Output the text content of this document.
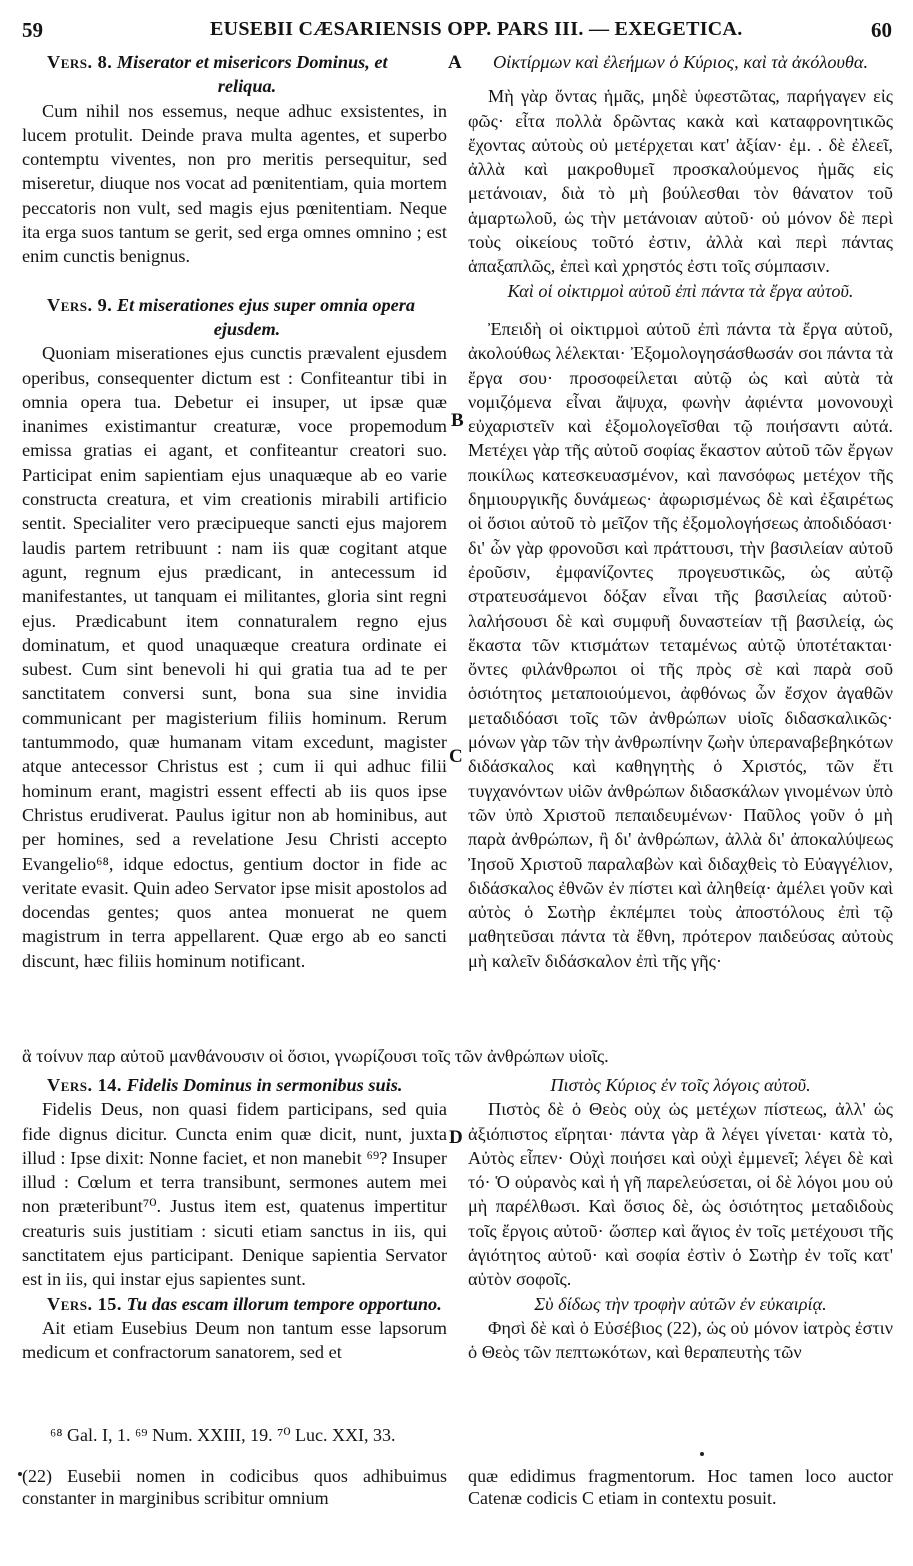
59	EUSEBII CÆSARIENSIS OPP. PARS III. — EXEGETICA.	60
Vers. 8. Miserator et misericors Dominus, et
reliqua.

Cum nihil nos essemus, neque adhuc exsistentes, in lucem protulit. Deinde prava multa agentes, et superbo contemptu viventes, non pro meritis persequitur, sed miseretur, diuque nos vocat ad pœnitentiam, quia mortem peccatoris non vult, sed magis ejus pœnitentiam. Neque ita erga suos tantum se gerit, sed erga omnes omnino ; est enim cunctis benignus.

Vers. 9. Et miserationes ejus super omnia opera
ejusdem.

Quoniam miserationes ejus cunctis prævalent ejusdem operibus, consequenter dictum est : Confiteantur tibi in omnia opera tua. Debetur ei insuper, ut ipsæ quæ inanimes existimantur creaturæ, voce propemodum emissa gratias ei agant, et confiteantur creatori suo. Participat enim sapientiam ejus unaquæque ab eo varie constructa creatura, et vim creationis mirabili artificio sentit. Specialiter vero præcipueque sancti ejus majorem laudis partem retribuunt : nam iis quæ cogitant atque agunt, regnum ejus prædicant, in antecessum id manifestantes, ut tanquam ei militantes, gloria sint regni ejus. Prædicabunt item connaturalem regno ejus dominatum, et quod unaquæque creatura ordinate ei subest. Cum sint benevoli hi qui gratia tua ad te per sanctitatem conversi sunt, bona sua sine invidia communicant per magisterium filiis hominum. Rerum tantummodo, quæ humanam vitam excedunt, magister atque antecessor Christus est ; cum ii qui adhuc filii hominum erant, magistri essent effecti ab iis quos ipse Christus erudiverat. Paulus igitur non ab hominibus, aut per homines, sed a revelatione Jesu Christi accepto Evangelio⁶⁸, idque edoctus, gentium doctor in fide ac veritate evasit. Quin adeo Servator ipse misit apostolos ad docendas gentes; quos antea monuerat ne quem magistrum in terra appellarent. Quæ ergo ab eo sancti discunt, hæc filiis hominum notificant.

ἃ τοίνυν παρ αὐτοῦ μανθάνουσιν οἱ ὅσιοι, γνωρίζουσι τοῖς τῶν ἀνθρώπων υἱοῖς.
Vers. 14. Fidelis Dominus in sermonibus suis.

Fidelis Deus, non quasi fidem participans, sed quia fide dignus dicitur. Cuncta enim quæ dicit, nunt, juxta illud : Ipse dixit: Nonne faciet, et non manebit ⁶⁹? Insuper illud : Cœlum et terra transibunt, sermones autem mei non præteribunt⁷⁰. Justus item est, quatenus impertitur creaturis suis justitiam : sicuti etiam sanctus in iis, qui sanctitatem ejus participant. Denique sapientia Servator est in iis, qui instar ejus sapientes sunt.

Vers. 15. Tu das escam illorum tempore opportuno.

Ait etiam Eusebius Deum non tantum esse lapsorum medicum et confractorum sanatorem, sed et

Οἰκτίρμων καὶ ἐλεήμων ὁ Κύριος, καὶ τὰ ἀκόλουθα.

Μὴ γὰρ ὄντας ἡμᾶς, μηδὲ ὑφεστῶτας, παρήγαγεν εἰς φῶς· εἶτα πολλὰ δρῶντας κακὰ καὶ καταφρονητικῶς ἔχοντας αὐτοὺς οὐ μετέρχεται κατ' ἀξίαν· ἐμ. . δὲ ἐλεεῖ, ἀλλὰ καὶ μακροθυμεῖ προσκαλούμενος ἡμᾶς εἰς μετάνοιαν, διὰ τὸ μὴ βούλεσθαι τὸν θάνατον τοῦ ἁμαρτωλοῦ, ὡς τὴν μετάνοιαν αὐτοῦ· οὐ μόνον δὲ περὶ τοὺς οἰκείους τοῦτό ἐστιν, ἀλλὰ καὶ περὶ πάντας ἁπαξαπλῶς, ἐπεὶ καὶ χρηστός ἐστι τοῖς σύμπασιν.

Καὶ οἱ οἰκτιρμοὶ αὐτοῦ ἐπὶ πάντα τὰ ἔργα αὐτοῦ.

Ἐπειδὴ οἱ οἰκτιρμοὶ αὐτοῦ ἐπὶ πάντα τὰ ἔργα αὐτοῦ, ἀκολούθως λέλεκται· Ἐξομολογησάσθωσάν σοι πάντα τὰ ἔργα σου· προσοφείλεται αὐτῷ ὡς καὶ αὐτὰ τὰ νομιζόμενα εἶναι ἄψυχα, φωνὴν ἀφιέντα μονονουχὶ εὐχαριστεῖν καὶ ἐξομολογεῖσθαι τῷ ποιήσαντι αὐτά. Μετέχει γὰρ τῆς αὐτοῦ σοφίας ἕκαστον αὐτοῦ τῶν ἔργων ποικίλως κατεσκευασμένον, καὶ πανσόφως μετέχον τῆς δημιουργικῆς δυνάμεως· ἀφωρισμένως δὲ καὶ ἐξαιρέτως οἱ ὅσιοι αὐτοῦ τὸ μεῖζον τῆς ἐξομολογήσεως ἀποδιδόασι· δι' ὧν γὰρ φρονοῦσι καὶ πράττουσι, τὴν βασιλείαν αὐτοῦ ἐροῦσιν, ἐμφανίζοντες προγευστικῶς, ὡς αὐτῷ στρατευσάμενοι δόξαν εἶναι τῆς βασιλείας αὐτοῦ· λαλήσουσι δὲ καὶ συμφυῆ δυναστείαν τῇ βασιλείᾳ, ὡς ἕκαστα τῶν κτισμάτων τεταμένως αὐτῷ ὑποτέτακται· ὄντες φιλάνθρωποι οἱ τῆς πρὸς σὲ καὶ παρὰ σοῦ ὁσιότητος μεταποιούμενοι, ἀφθόνως ὧν ἔσχον ἀγαθῶν μεταδιδόασι τοῖς τῶν ἀνθρώπων υἱοῖς διδασκαλικῶς· μόνων γὰρ τῶν τὴν ἀνθρωπίνην ζωὴν ὑπεραναβεβηκότων διδάσκαλος καὶ καθηγητὴς ὁ Χριστός, τῶν ἔτι τυγχανόντων υἱῶν ἀνθρώπων διδασκάλων γινομένων ὑπὸ τῶν ὑπὸ Χριστοῦ πεπαιδευμένων· Παῦλος γοῦν ὁ μὴ παρὰ ἀνθρώπων, ἢ δι' ἀνθρώπων, ἀλλὰ δι' ἀποκαλύψεως Ἰησοῦ Χριστοῦ παραλαβὼν καὶ διδαχθεὶς τὸ Εὐαγγέλιον, διδάσκαλος ἐθνῶν ἐν πίστει καὶ ἀληθείᾳ· ἀμέλει γοῦν καὶ αὐτὸς ὁ Σωτὴρ ἐκπέμπει τοὺς ἀποστόλους ἐπὶ τῷ μαθητεῦσαι πάντα τὰ ἔθνη, πρότερον παιδεύσας αὐτοὺς μὴ καλεῖν διδάσκαλον ἐπὶ τῆς γῆς·

Πιστὸς Κύριος ἐν τοῖς λόγοις αὐτοῦ.

Πιστὸς δὲ ὁ Θεὸς οὐχ ὡς μετέχων πίστεως, ἀλλ' ὡς ἀξιόπιστος εἴρηται· πάντα γὰρ ἃ λέγει γίνεται· κατὰ τὸ, Αὐτὸς εἶπεν· Οὐχὶ ποιήσει καὶ οὐχὶ ἐμμενεῖ; λέγει δὲ καὶ τό· Ὁ οὐρανὸς καὶ ἡ γῆ παρελεύσεται, οἱ δὲ λόγοι μου οὐ μὴ παρέλθωσι. Καὶ ὅσιος δὲ, ὡς ὁσιότητος μεταδιδοὺς τοῖς ἔργοις αὐτοῦ· ὥσπερ καὶ ἅγιος ἐν τοῖς μετέχουσι τῆς ἁγιότητος αὐτοῦ· καὶ σοφία ἐστὶν ὁ Σωτὴρ ἐν τοῖς κατ' αὐτὸν σοφοῖς.

Σὺ δίδως τὴν τροφὴν αὐτῶν ἐν εὐκαιρίᾳ.

Φησὶ δὲ καὶ ὁ Εὐσέβιος (22), ὡς οὐ μόνον ἰατρὸς ἐστιν ὁ Θεὸς τῶν πεπτωκότων, καὶ θεραπευτὴς τῶν

A
B
C
D
⁶⁸ Gal. I, 1. ⁶⁹ Num. XXIII, 19. ⁷⁰ Luc. XXI, 33.
(22) Eusebii nomen in codicibus quos adhibuimus constanter in marginibus scribitur omnium
quæ edidimus fragmentorum. Hoc tamen loco auctor Catenæ codicis C etiam in contextu posuit.
